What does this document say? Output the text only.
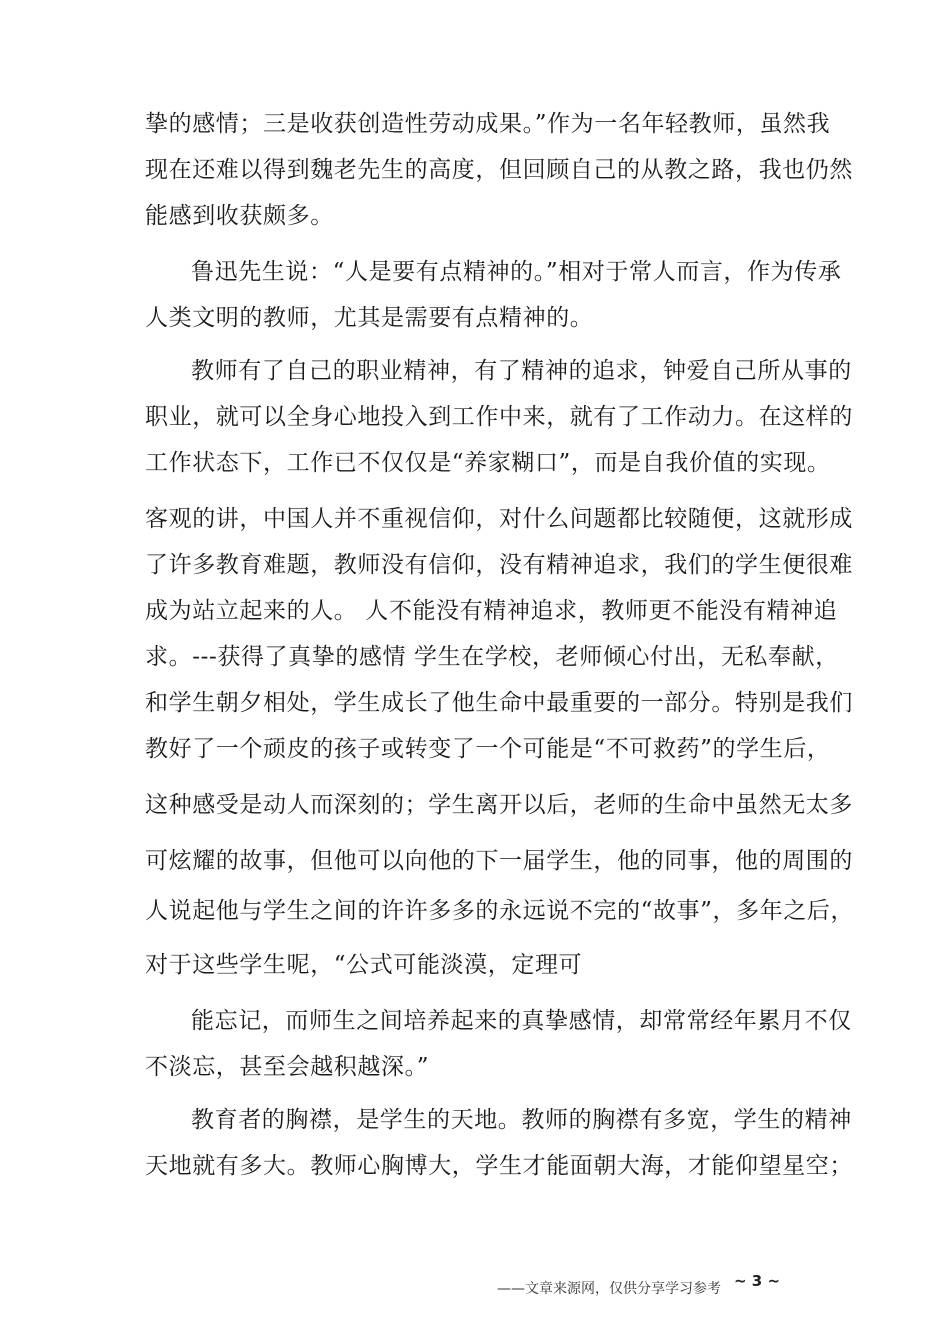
挚的感情；三是收获创造性劳动成果。”作为一名年轻教师，虽然我
现在还难以得到魏老先生的高度，但回顾自己的从教之路，我也仍然
能感到收获颇多。
鲁迅先生说：“人是要有点精神的。”相对于常人而言，作为传承
人类文明的教师，尤其是需要有点精神的。
教师有了自己的职业精神，有了精神的追求，钟爱自己所从事的
职业，就可以全身心地投入到工作中来，就有了工作动力。在这样的
工作状态下，工作已不仅仅是“养家糊口”，而是自我价值的实现。
客观的讲，中国人并不重视信仰，对什么问题都比较随便，这就形成
了许多教育难题，教师没有信仰，没有精神追求，我们的学生便很难
成为站立起来的人。 人不能没有精神追求，教师更不能没有精神追
求。---获得了真挚的感情 学生在学校，老师倾心付出，无私奉献，
和学生朝夕相处，学生成长了他生命中最重要的一部分。特别是我们
教好了一个顽皮的孩子或转变了一个可能是“不可救药”的学生后，
这种感受是动人而深刻的；学生离开以后，老师的生命中虽然无太多
可炫耀的故事，但他可以向他的下一届学生，他的同事，他的周围的
人说起他与学生之间的许许多多的永远说不完的“故事”，多年之后，
对于这些学生呢，“公式可能淡漠，定理可
能忘记，而师生之间培养起来的真挚感情，却常常经年累月不仅
不淡忘，甚至会越积越深。”
教育者的胸襟，是学生的天地。教师的胸襟有多宽，学生的精神
天地就有多大。教师心胸博大，学生才能面朝大海，才能仰望星空；
——文章来源网，仅供分享学习参考 ~ 3 ~
